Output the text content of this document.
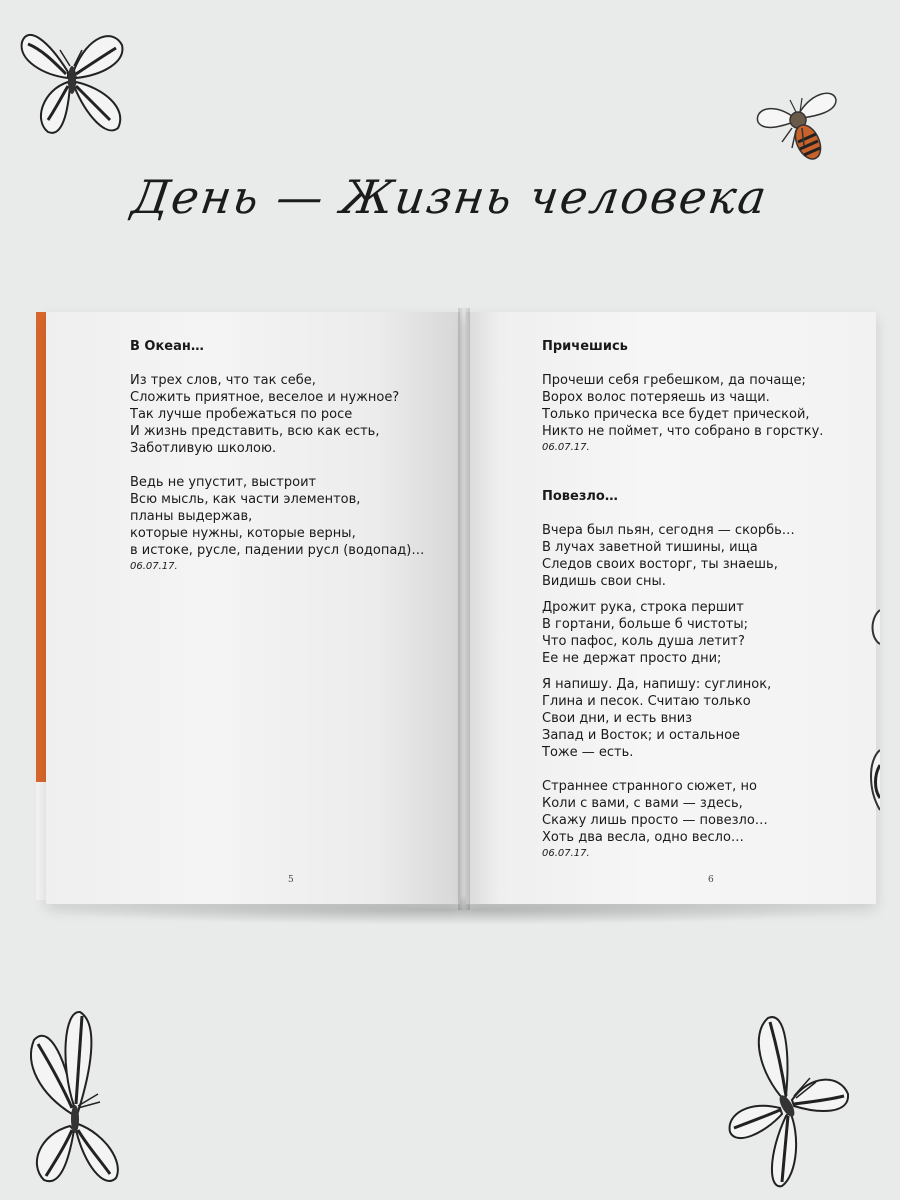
День — Жизнь человека
В Океан…
Из трех слов, что так себе,
Сложить приятное, веселое и нужное?
Так лучше пробежаться по росе
И жизнь представить, всю как есть,
Заботливую школою.
Ведь не упустит, выстроит
Всю мысль, как части элементов,
планы выдержав,
которые нужны, которые верны,
в истоке, русле, падении русл (водопад)…
06.07.17.
5
Причешись
Прочеши себя гребешком, да почаще;
Ворох волос потеряешь из чащи.
Только прическа все будет прической,
Никто не поймет, что собрано в горстку.
06.07.17.
Повезло…
Вчера был пьян, сегодня — скорбь…
В лучах заветной тишины, ища
Следов своих восторг, ты знаешь,
Видишь свои сны.
Дрожит рука, строка першит
В гортани, больше б чистоты;
Что пафос, коль душа летит?
Ее не держат просто дни;
Я напишу. Да, напишу: суглинок,
Глина и песок. Считаю только
Свои дни, и есть вниз
Запад и Восток; и остальное
Тоже — есть.
Страннее странного сюжет, но
Коли с вами, с вами — здесь,
Скажу лишь просто — повезло…
Хоть два весла, одно весло…
06.07.17.
6
